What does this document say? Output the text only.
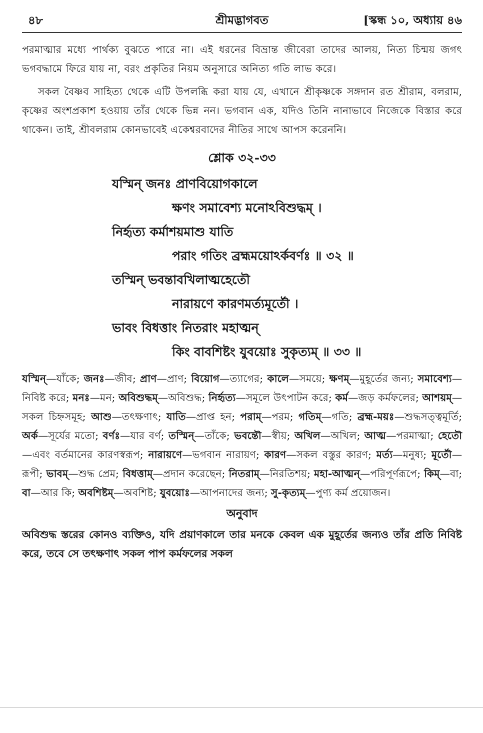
৪৮	শ্রীমদ্ভাগবত	[স্কন্ধ ১০, অধ্যায় ৪৬

পরমাত্মার মধ্যে পার্থক্য বুঝতে পারে না। এই ধরনের বিভ্রান্ত জীবেরা তাদের আলয়, নিত্য চিন্ময় জগৎ ভগবদ্ধামে ফিরে যায় না, বরং প্রকৃতির নিয়ম অনুসারে অনিত্য গতি লাভ করে।

সকল বৈষ্ণব সাহিত্য থেকে এটি উপলব্ধি করা যায় যে, এখানে শ্রীকৃষ্ণকে সঙ্গদান রত শ্রীরাম, বলরাম, কৃষ্ণের অংশপ্রকাশ হওয়ায় তাঁর থেকে ভিন্ন নন। ভগবান এক, যদিও তিনি নানাভাবে নিজেকে বিস্তার করে থাকেন। তাই, শ্রীবলরাম কোনভাবেই একেশ্বরবাদের নীতির সাথে আপস করেননি।

শ্লোক ৩২-৩৩
যস্মিন্ জনঃ প্রাণবিয়োগকালে
ক্ষণং সমাবেশ্য মনোঽবিশুদ্ধম্ ।
নির্হৃত্য কর্মাশয়মাশু যাতি
পরাং গতিং ব্রহ্মময়োঽর্কবর্ণঃ ॥ ৩২ ॥
তস্মিন্ ভবন্তাবখিলাত্মহেতৌ
নারায়ণে কারণমর্ত্যমূর্তৌ ।
ভাবং বিধত্তাং নিতরাং মহাত্মন্
কিং বাবশিষ্টং যুবয়োঃ সুকৃত্যম্ ॥ ৩৩ ॥

যস্মিন্—যাঁকে; জনঃ—জীব; প্রাণ—প্রাণ; বিয়োগ—ত্যাগের; কালে—সময়ে; ক্ষণম্—মুহূর্তের জন্য; সমাবেশ্য—নিবিষ্ট করে; মনঃ—মন; অবিশুদ্ধম্—অবিশুদ্ধ; নির্হৃত্য—সমূলে উৎপাটন করে; কর্ম—জড় কর্মফলের; আশয়ম্—সকল চিহ্নসমূহ; আশু—তৎক্ষণাৎ; যাতি—প্রাপ্ত হন; পরাম্—পরম; গতিম্—গতি; ব্রহ্ম-ময়ঃ—শুদ্ধসত্ত্বমূর্তি; অর্ক—সূর্যের মতো; বর্ণঃ—যার বর্ণ; তস্মিন্—তাঁকে; ভবন্তৌ—স্বীয়; অখিল—অখিল; আত্ম—পরমাত্মা; হেতৌ—এবং বর্তমানের কারণস্বরূপ; নারায়ণে—ভগবান নারায়ণ; কারণ—সকল বস্তুর কারণ; মর্ত্য—মনুষ্য; মূর্তৌ—রূপী; ভাবম্—শুদ্ধ প্রেম; বিধত্তাম্—প্রদান করেছেন; নিতরাম্—নিরতিশয়; মহা-আত্মন্—পরিপূর্ণরূপে; কিম্—বা; বা—আর কি; অবশিষ্টম্—অবশিষ্ট; যুবয়োঃ—আপনাদের জন্য; সু-কৃত্যম্—পুণ্য কর্ম প্রয়োজন।

অনুবাদ

অবিশুদ্ধ স্তরের কোনও ব্যক্তিও, যদি প্রয়াণকালে তার মনকে কেবল এক মুহূর্তের জন্যও তাঁর প্রতি নিবিষ্ট করে, তবে সে তৎক্ষণাৎ সকল পাপ কর্মফলের সকল
